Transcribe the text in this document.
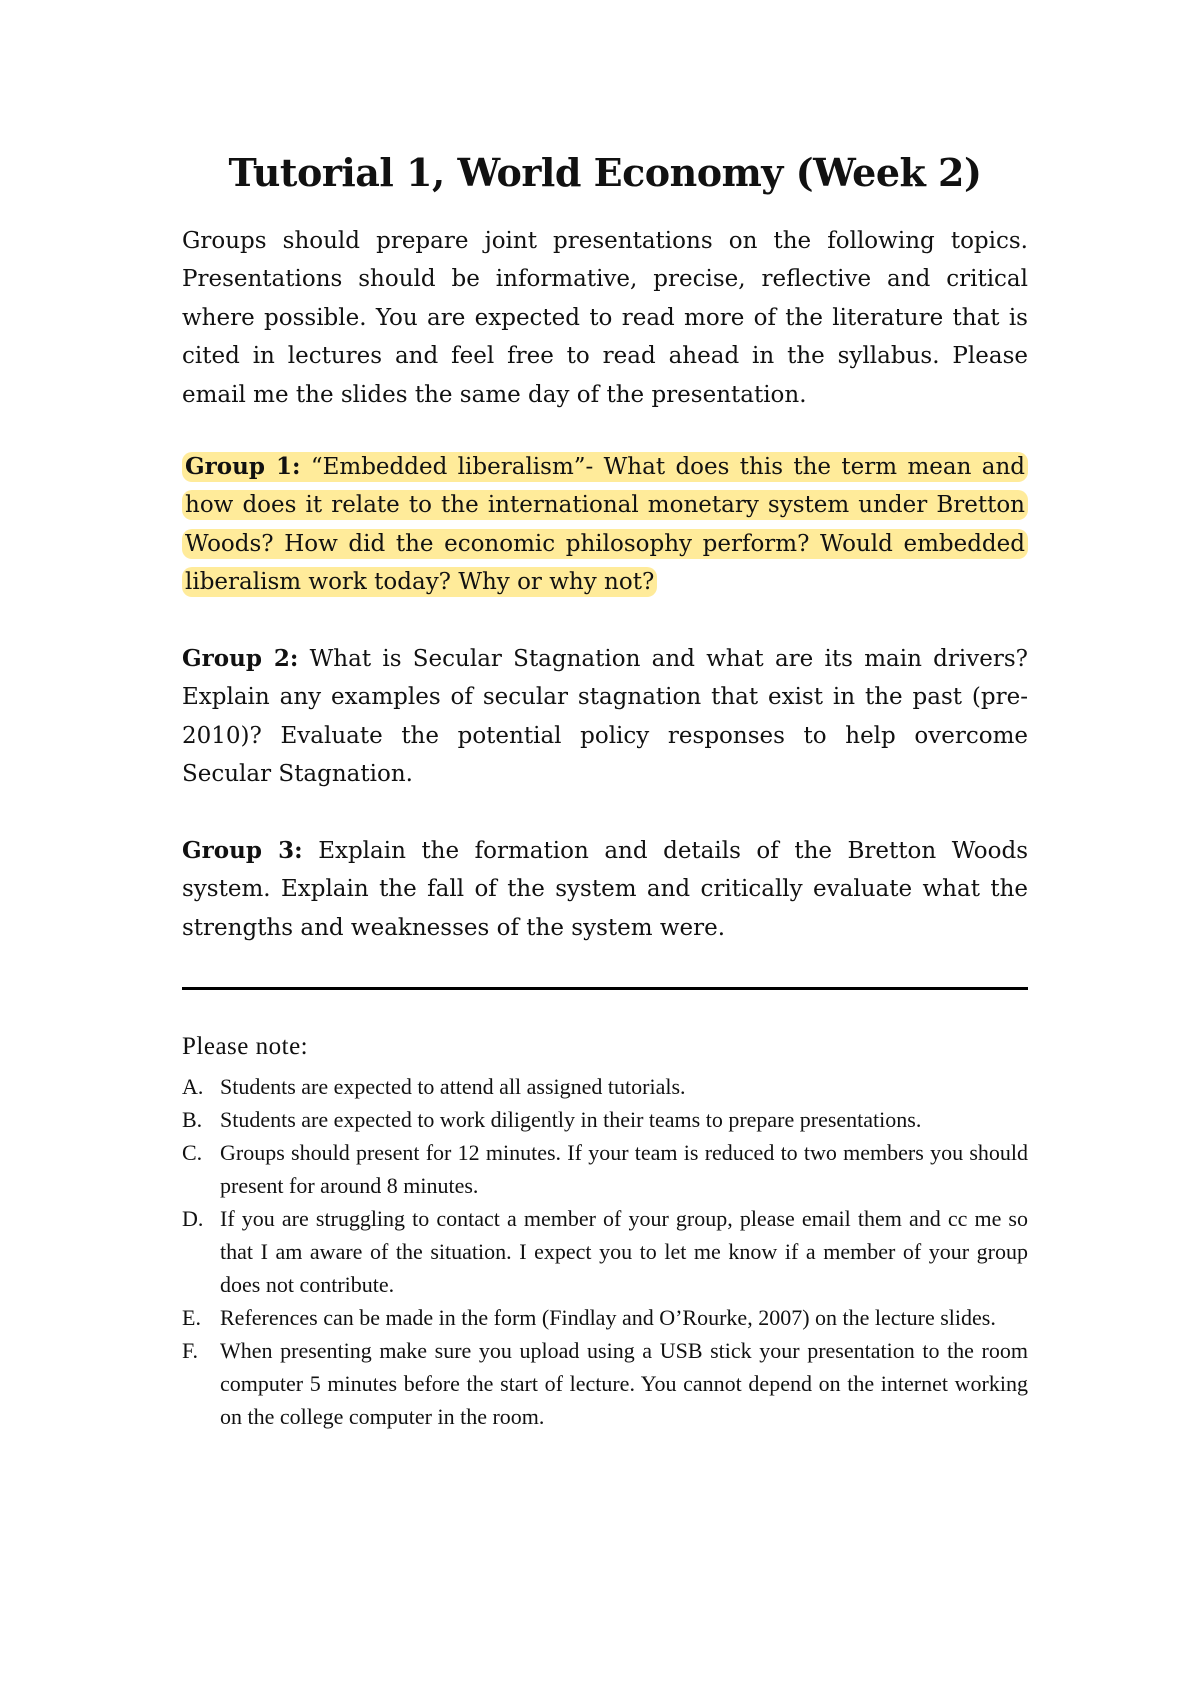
Tutorial 1, World Economy (Week 2)

Groups should prepare joint presentations on the following topics. Presentations should be informative, precise, reflective and critical where possible. You are expected to read more of the literature that is cited in lectures and feel free to read ahead in the syllabus. Please email me the slides the same day of the presentation.

Group 1: “Embedded liberalism”- What does this the term mean and how does it relate to the international monetary system under Bretton Woods? How did the economic philosophy perform? Would embedded liberalism work today? Why or why not?

Group 2: What is Secular Stagnation and what are its main drivers? Explain any examples of secular stagnation that exist in the past (pre-2010)? Evaluate the potential policy responses to help overcome Secular Stagnation.

Group 3: Explain the formation and details of the Bretton Woods system. Explain the fall of the system and critically evaluate what the strengths and weaknesses of the system were.

Please note:

A. Students are expected to attend all assigned tutorials.
B. Students are expected to work diligently in their teams to prepare presentations.
C. Groups should present for 12 minutes. If your team is reduced to two members you should present for around 8 minutes.
D. If you are struggling to contact a member of your group, please email them and cc me so that I am aware of the situation. I expect you to let me know if a member of your group does not contribute.
E. References can be made in the form (Findlay and O’Rourke, 2007) on the lecture slides.
F.	When presenting make sure you upload using a USB stick your presentation to the room computer 5 minutes before the start of lecture. You cannot depend on the internet working on the college computer in the room.
